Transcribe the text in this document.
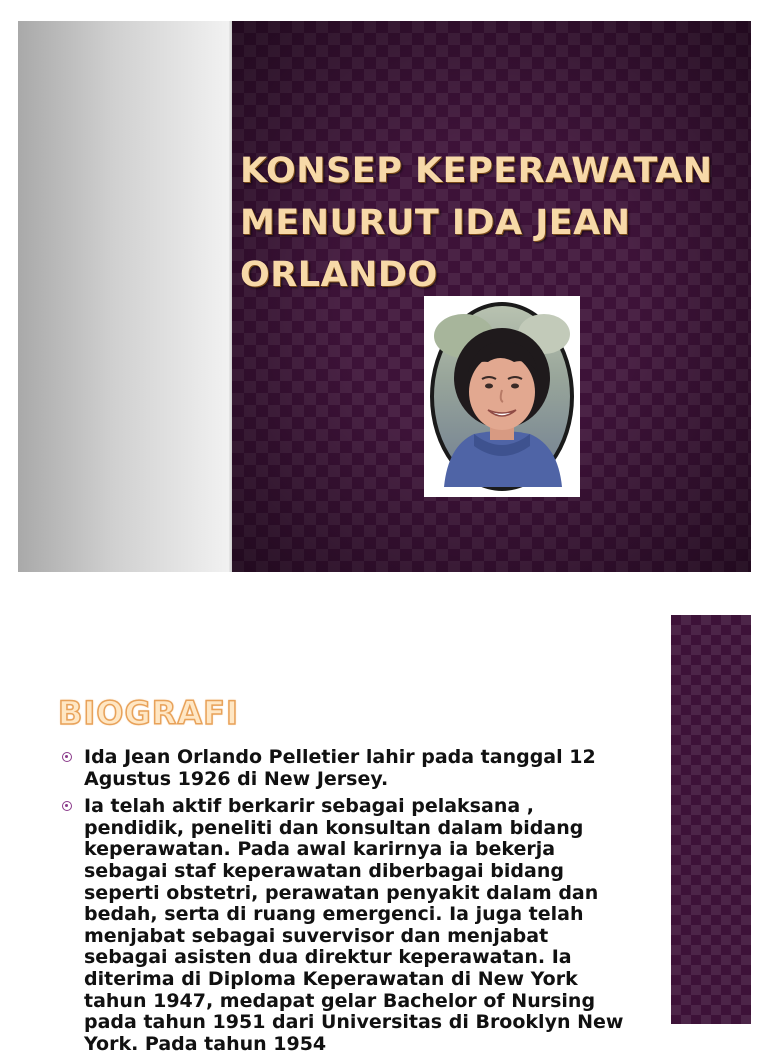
KONSEP KEPERAWATAN
MENURUT IDA JEAN
ORLANDO
BIOGRAFI
Ida Jean Orlando Pelletier lahir pada tanggal 12 Agustus 1926 di New Jersey.
Ia telah aktif berkarir sebagai pelaksana , pendidik, peneliti dan konsultan dalam bidang keperawatan. Pada awal karirnya ia bekerja sebagai staf keperawatan diberbagai bidang seperti obstetri, perawatan penyakit dalam dan bedah, serta di ruang emergenci. Ia juga telah menjabat sebagai suvervisor dan menjabat sebagai asisten dua direktur keperawatan. Ia diterima di Diploma Keperawatan di New York tahun 1947, medapat gelar Bachelor of Nursing pada tahun 1951 dari Universitas di Brooklyn New York. Pada tahun 1954
